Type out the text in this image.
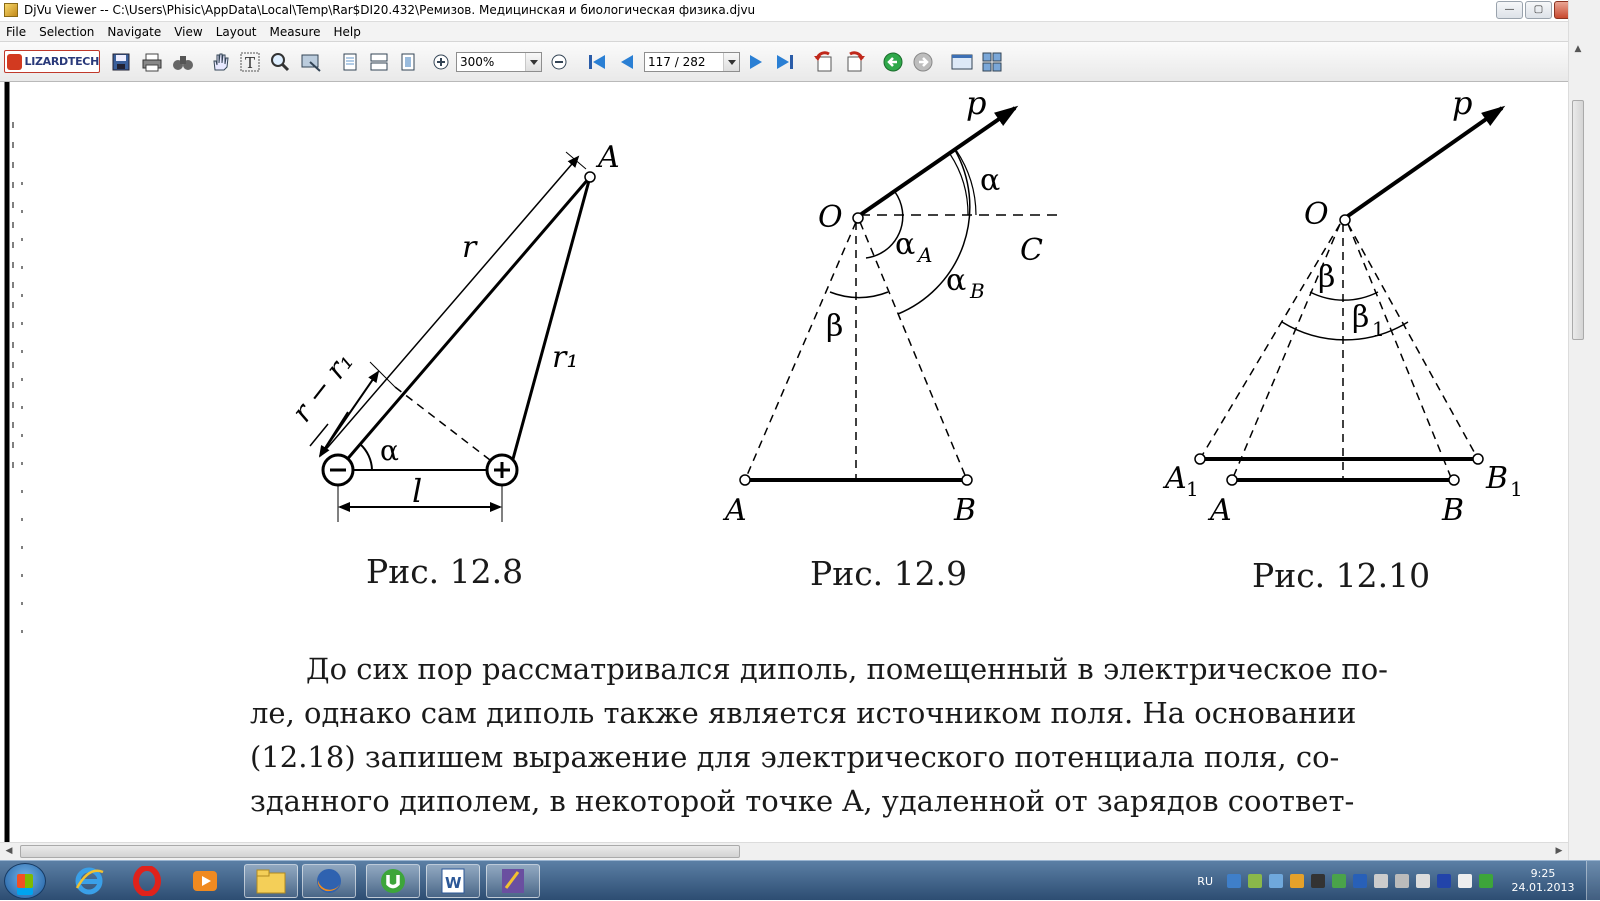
DjVu Viewer -- C:\Users\Phisic\AppData\Local\Temp\Rar$DI20.432\Ремизов. Медицинская и биологическая физика.djvu	—	▢
File Selection Navigate View Layout Measure Help
LIZARDTECH	T	300%	117 / 282
A
r
r₁
r − r₁
α
l
p
O
C
α
α A
α B
β
A	B
p
O
β
β 1
A 1	B 1
A	B
Рис. 12.8	Рис. 12.9	Рис. 12.10
До сих пор рассматривался диполь, помещенный в электрическое по-
ле, однако сам диполь также является источником поля. На основании
(12.18) запишем выражение для электрического потенциала поля, со-
зданного диполем, в некоторой точке A, удаленной от зарядов соответ-
▲
◀	▶
W	RU
9:25
24.01.2013
